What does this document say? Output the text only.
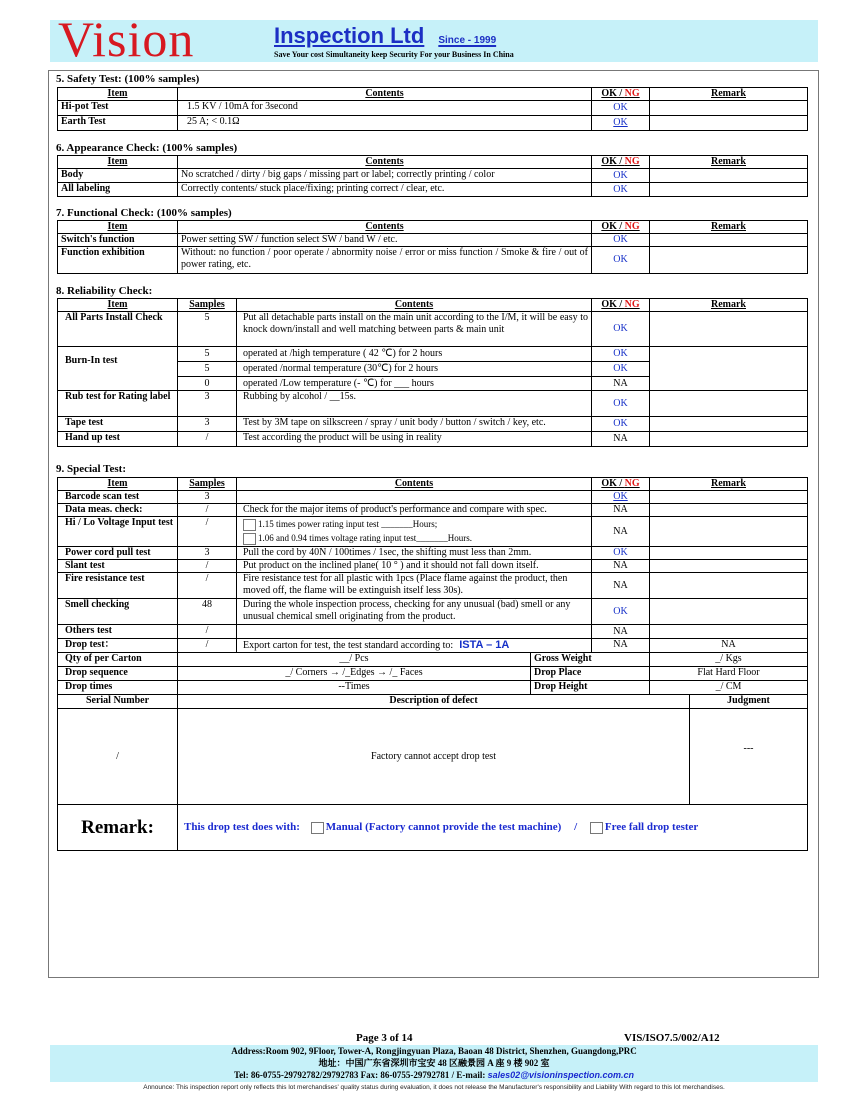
Vision	Inspection Ltd Since - 1999
Save Your cost Simultaneity keep Security For your Business In China
5. Safety Test: (100% samples)
Item	Contents	OK / NG	Remark
Hi-pot Test	1.5 KV / 10mA for 3second	OK	
Earth Test	25 A; < 0.1Ω	OK	
6. Appearance Check: (100% samples)
Item	Contents	OK / NG	Remark
Body	No scratched / dirty / big gaps / missing part or label; correctly printing / color	OK	
All labeling	Correctly contents/ stuck place/fixing; printing correct / clear, etc.	OK	
7. Functional Check: (100% samples)
Item	Contents	OK / NG	Remark
Switch's function	Power setting SW / function select SW / band W / etc.	OK	
Function exhibition	Without: no function / poor operate / abnormity noise / error or miss function / Smoke & fire / out of power rating, etc.	OK	
8. Reliability Check:
Item	Samples	Contents	OK / NG	Remark
All Parts Install Check	5	Put all detachable parts install on the main unit according to the I/M, it will be easy to knock down/install and well matching between parts & main unit	OK	
Burn-In test	5	operated at /high temperature ( 42 ℃) for 2 hours	OK	
	5	operated /normal temperature (30℃) for 2 hours	OK	
	0	operated /Low temperature (- ℃) for ___ hours	NA	
Rub test for Rating label	3	Rubbing by alcohol / __15s.	OK	
Tape test	3	Test by 3M tape on silkscreen / spray / unit body / button / switch / key, etc.	OK	
Hand up test	/	Test according the product will be using in reality	NA	
9. Special Test:
Item	Samples	Contents		OK / NG	Remark	
Barcode scan test	3			OK		
Data meas. check:	/	Check for the major items of product's performance and compare with spec.		NA		
Hi / Lo Voltage Input test	/	1.15 times power rating input test _______Hours;
1.06 and 0.94 times voltage rating input test_______Hours.		NA		
Power cord pull test	3	Pull the cord by 40N / 100times / 1sec, the shifting must less than 2mm.		OK		
Slant test	/	Put product on the inclined plane( 10 ° ) and it should not fall down itself.		NA		
Fire resistance test	/	Fire resistance test for all plastic with 1pcs (Place flame against the product, then moved off, the flame will be extinguish itself less 30s).		NA		
Smell checking	48	During the whole inspection process, checking for any unusual (bad) smell or any unusual chemical smell originating from the product.		OK		
Others test	/			NA		
Drop test：	/	Export carton for test, the test standard according to: ISTA – 1A		NA	NA	
Qty of per Carton	__/ Pcs		Gross Weight		_/ Kgs	
Drop sequence	_/ Corners → /_Edges → /_ Faces		Drop Place		Flat Hard Floor	
Drop times	--Times		Drop Height		_/ CM	
Serial Number	Description of defect					Judgment
/	Factory cannot accept drop test					---
Remark:	This drop test does with: Manual (Factory cannot provide the test machine) / Free fall drop tester					
Page 3 of 14	VIS/ISO7.5/002/A12
Address:Room 902, 9Floor, Tower-A, Rongjingyuan Plaza, Baoan 48 District, Shenzhen, Guangdong,PRC
地址：中国广东省深圳市宝安 48 区融景园 A 座 9 楼 902 室
Tel: 86-0755-29792782/29792783 Fax: 86-0755-29792781 / E-mail: sales02@visioninspection.com.cn
Announce: This inspection report only reflects this lot merchandises' quality status during evaluation, it does not release the Manufacturer's responsibility and Liability With regard to this lot merchandises.
